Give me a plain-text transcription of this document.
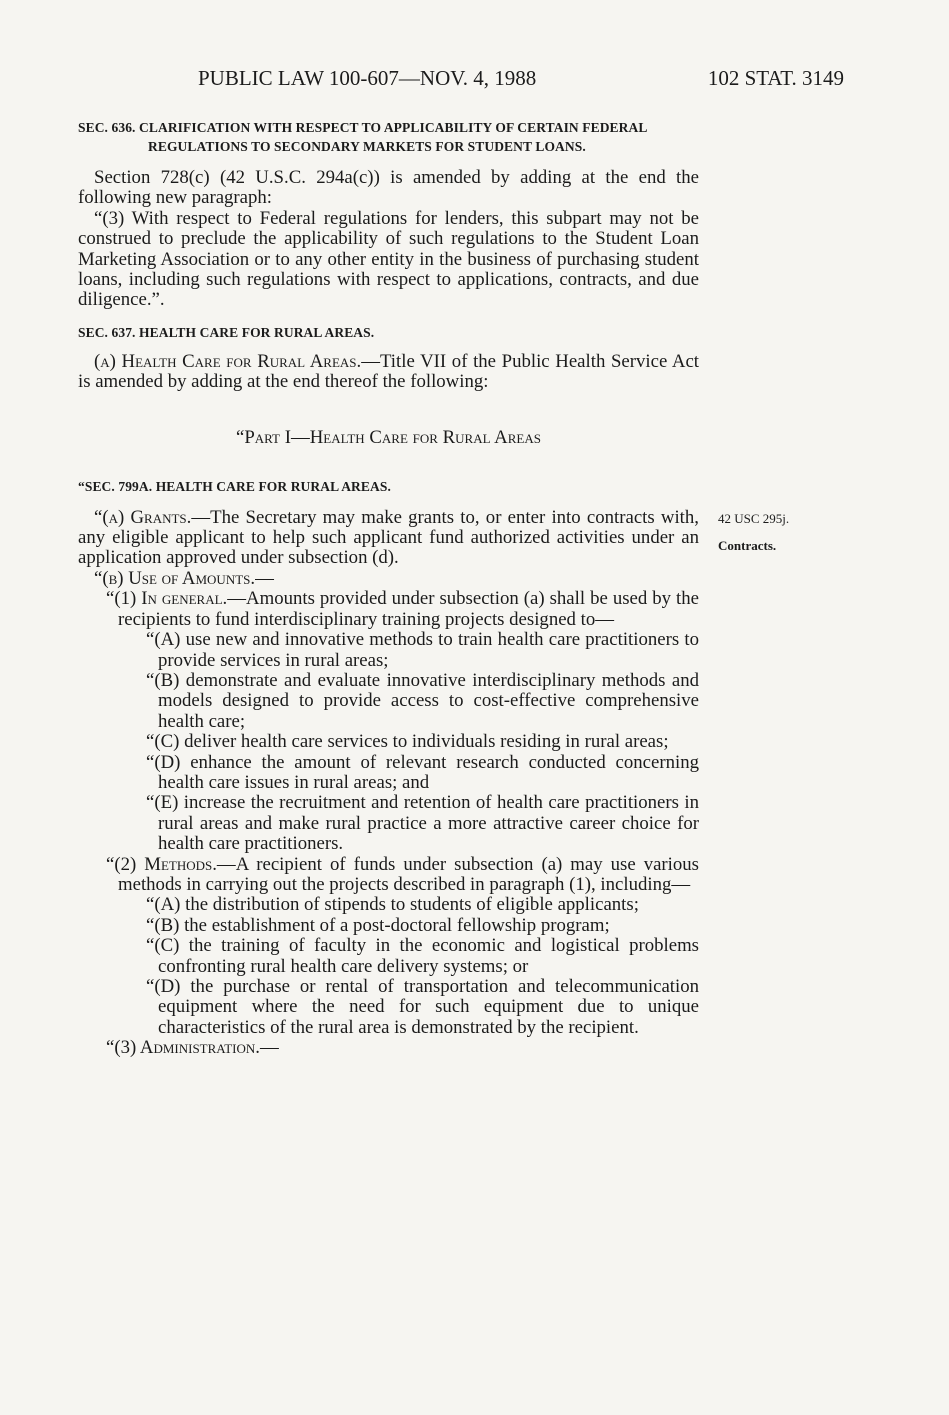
PUBLIC LAW 100-607—NOV. 4, 1988	102 STAT. 3149
SEC. 636. CLARIFICATION WITH RESPECT TO APPLICABILITY OF CERTAIN FEDERAL REGULATIONS TO SECONDARY MARKETS FOR STUDENT LOANS.

Section 728(c) (42 U.S.C. 294a(c)) is amended by adding at the end the following new paragraph:

“(3) With respect to Federal regulations for lenders, this subpart may not be construed to preclude the applicability of such regulations to the Student Loan Marketing Association or to any other entity in the business of purchasing student loans, including such regulations with respect to applications, contracts, and due diligence.”.

SEC. 637. HEALTH CARE FOR RURAL AREAS.

(a) Health Care for Rural Areas.—Title VII of the Public Health Service Act is amended by adding at the end thereof the following:

“Part I—Health Care for Rural Areas
“SEC. 799A. HEALTH CARE FOR RURAL AREAS.

“(a) Grants.—The Secretary may make grants to, or enter into contracts with, any eligible applicant to help such applicant fund authorized activities under an application approved under subsection (d).

“(b) Use of Amounts.—

“(1) In general.—Amounts provided under subsection (a) shall be used by the recipients to fund interdisciplinary training projects designed to—

“(A) use new and innovative methods to train health care practitioners to provide services in rural areas;

“(B) demonstrate and evaluate innovative interdisciplinary methods and models designed to provide access to cost-effective comprehensive health care;

“(C) deliver health care services to individuals residing in rural areas;

“(D) enhance the amount of relevant research conducted concerning health care issues in rural areas; and

“(E) increase the recruitment and retention of health care practitioners in rural areas and make rural practice a more attractive career choice for health care practitioners.

“(2) Methods.—A recipient of funds under subsection (a) may use various methods in carrying out the projects described in paragraph (1), including—

“(A) the distribution of stipends to students of eligible applicants;

“(B) the establishment of a post-doctoral fellowship program;

“(C) the training of faculty in the economic and logistical problems confronting rural health care delivery systems; or

“(D) the purchase or rental of transportation and telecommunication equipment where the need for such equipment due to unique characteristics of the rural area is demonstrated by the recipient.

“(3) Administration.—

42 USC 295j.
Contracts.
